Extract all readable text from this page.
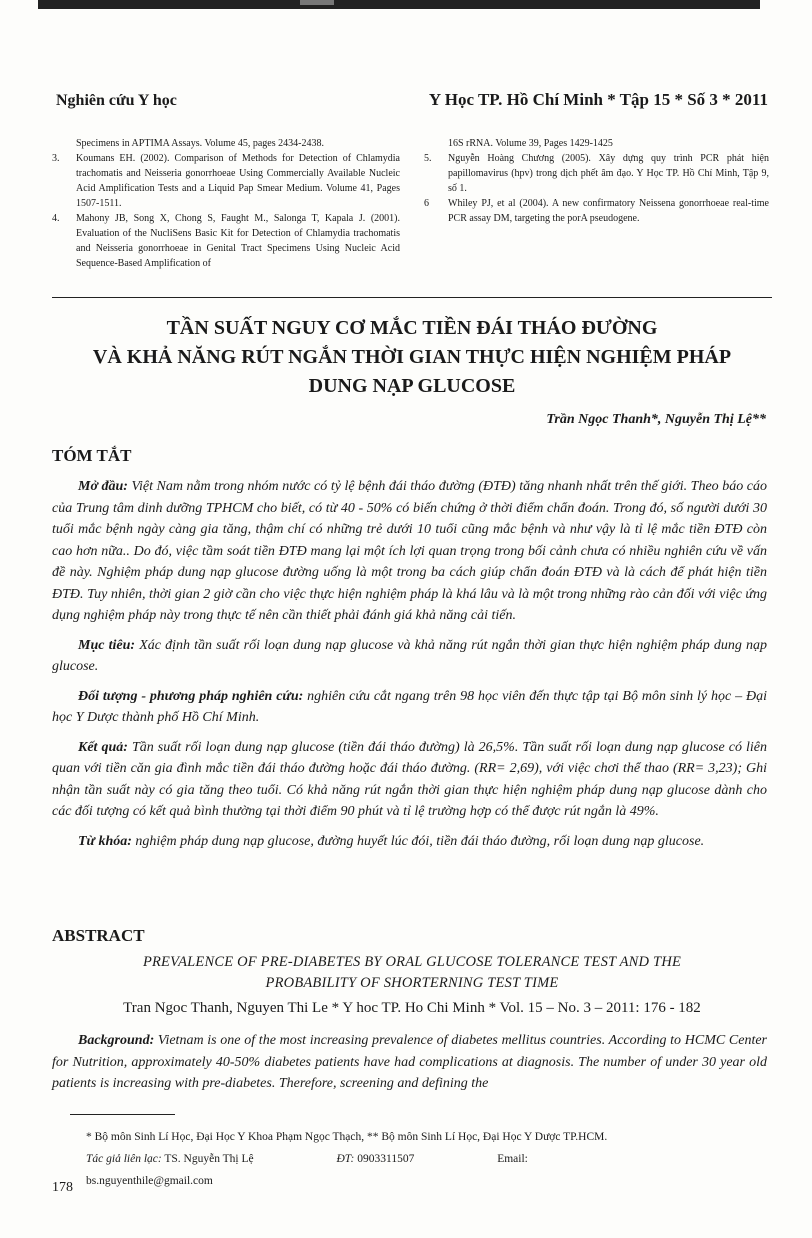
Nghiên cứu Y học	Y Học TP. Hồ Chí Minh * Tập 15 * Số 3 * 2011
Specimens in APTIMA Assays. Volume 45, pages 2434-2438.
3.	Koumans EH. (2002). Comparison of Methods for Detection of Chlamydia trachomatis and Neisseria gonorrhoeae Using Commercially Available Nucleic Acid Amplification Tests and a Liquid Pap Smear Medium. Volume 41, Pages 1507-1511.
4.	Mahony JB, Song X, Chong S, Faught M., Salonga T, Kapala J. (2001). Evaluation of the NucliSens Basic Kit for Detection of Chlamydia trachomatis and Neisseria gonorrhoeae in Genital Tract Specimens Using Nucleic Acid Sequence-Based Amplification of
16S rRNA. Volume 39, Pages 1429-1425
5.	Nguyễn Hoàng Chương (2005). Xây dựng quy trình PCR phát hiện papillomavirus (hpv) trong dịch phết âm đạo. Y Học TP. Hồ Chí Minh, Tập 9, số 1.
6	Whiley PJ, et al (2004). A new confirmatory Neissena gonorrhoeae real-time PCR assay DM, targeting the porA pseudogene.
TẦN SUẤT NGUY CƠ MẮC TIỀN ĐÁI THÁO ĐƯỜNG
VÀ KHẢ NĂNG RÚT NGẮN THỜI GIAN THỰC HIỆN NGHIỆM PHÁP
DUNG NẠP GLUCOSE
Trần Ngọc Thanh*, Nguyễn Thị Lệ**
TÓM TẮT

Mở đầu: Việt Nam nằm trong nhóm nước có tỷ lệ bệnh đái tháo đường (ĐTĐ) tăng nhanh nhất trên thế giới. Theo báo cáo của Trung tâm dinh dưỡng TPHCM cho biết, có từ 40 - 50% có biến chứng ở thời điểm chẩn đoán. Trong đó, số người dưới 30 tuổi mắc bệnh ngày càng gia tăng, thậm chí có những trẻ dưới 10 tuổi cũng mắc bệnh và như vậy là tỉ lệ mắc tiền ĐTĐ còn cao hơn nữa.. Do đó, việc tầm soát tiền ĐTĐ mang lại một ích lợi quan trọng trong bối cảnh chưa có nhiều nghiên cứu về vấn đề này. Nghiệm pháp dung nạp glucose đường uống là một trong ba cách giúp chẩn đoán ĐTĐ và là cách để phát hiện tiền ĐTĐ. Tuy nhiên, thời gian 2 giờ cần cho việc thực hiện nghiệm pháp là khá lâu và là một trong những rào cản đối với việc ứng dụng nghiệm pháp này trong thực tế nên cần thiết phải đánh giá khả năng cải tiến.

Mục tiêu: Xác định tần suất rối loạn dung nạp glucose và khả năng rút ngắn thời gian thực hiện nghiệm pháp dung nạp glucose.

Đối tượng - phương pháp nghiên cứu: nghiên cứu cắt ngang trên 98 học viên đến thực tập tại Bộ môn sinh lý học – Đại học Y Dược thành phố Hồ Chí Minh.

Kết quả: Tần suất rối loạn dung nạp glucose (tiền đái tháo đường) là 26,5%. Tần suất rối loạn dung nạp glucose có liên quan với tiền căn gia đình mắc tiền đái tháo đường hoặc đái tháo đường. (RR= 2,69), với việc chơi thể thao (RR= 3,23); Ghi nhận tần suất này có gia tăng theo tuổi. Có khả năng rút ngắn thời gian thực hiện nghiệm pháp dung nạp glucose dành cho các đối tượng có kết quả bình thường tại thời điểm 90 phút và tỉ lệ trường hợp có thể được rút ngắn là 49%.

Từ khóa: nghiệm pháp dung nạp glucose, đường huyết lúc đói, tiền đái tháo đường, rối loạn dung nạp glucose.

ABSTRACT
PREVALENCE OF PRE-DIABETES BY ORAL GLUCOSE TOLERANCE TEST AND THE
PROBABILITY OF SHORTERNING TEST TIME
Tran Ngoc Thanh, Nguyen Thi Le * Y hoc TP. Ho Chi Minh * Vol. 15 – No. 3 – 2011: 176 - 182

Background: Vietnam is one of the most increasing prevalence of diabetes mellitus countries. According to HCMC Center for Nutrition, approximately 40-50% diabetes patients have had complications at diagnosis. The number of under 30 year old patients is increasing with pre-diabetes. Therefore, screening and defining the

* Bộ môn Sinh Lí Học, Đại Học Y Khoa Phạm Ngọc Thạch, ** Bộ môn Sinh Lí Học, Đại Học Y Dược TP.HCM.
Tác giả liên lạc: TS. Nguyễn Thị Lệ	ĐT: 0903311507	Email: bs.nguyenthile@gmail.com
178
